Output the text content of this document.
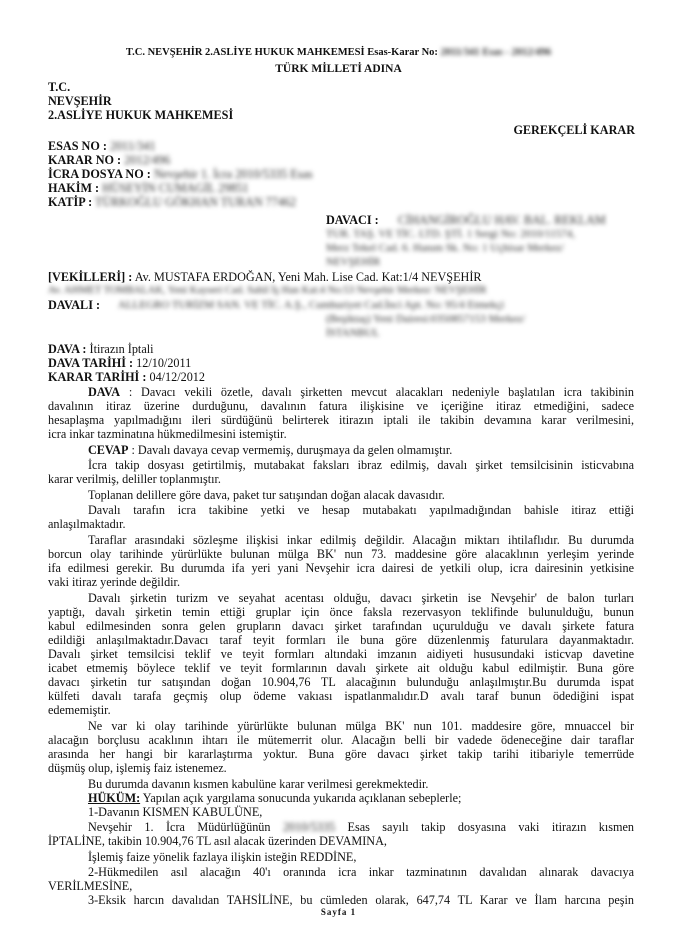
T.C. NEVŞEHİR 2.ASLİYE HUKUK MAHKEMESİ Esas-Karar No: 2011/341 Esas - 2012/496
TÜRK MİLLETİ ADINA
T.C.
NEVŞEHİR
2.ASLİYE HUKUK MAHKEMESİ
GEREKÇELİ KARAR
ESAS NO : 2011/341
KARAR NO : 2012/496
İCRA DOSYA NO : Nevşehir 1. İcra 2010/5335 Esas
HAKİM : HÜSEYİN CUMAGİL 29851
KATİP : TÜRKOĞLU GÖKHAN TURAN 77462
DAVACI : CİHANGİROĞLU HAV. BAL. REKLAM
TUR. TAŞ. VE TİC. LTD. ŞTİ. 1 Sergi No: 2010/11574,
Merz Tekel Cad. 6. Hanım Sk. No: 1 Uçhisar Merkez/
NEVŞEHİR
[VEKİLLERİ] : Av. MUSTAFA ERDOĞAN, Yeni Mah. Lise Cad. Kat:1/4 NEVŞEHİR
Av. AHMET TOMBALAK, Yeni Kayseri Cad. Sahil İş Han Kat:4 No:53 Nevşehir Merkez/ NEVŞEHİR
DAVALI : ALLEGRO TURİZM SAN. VE TİC. A.Ş., Cumhuriyet Cad.İnci Apt. No: 95/4 Etmekçi
(Beşiktaş) Yeni Dairesi:0350857153 Merkez/
İSTANBUL
DAVA : İtirazın İptali
DAVA TARİHİ : 12/10/2011
KARAR TARİHİ : 04/12/2012
DAVA : Davacı vekili özetle, davalı şirketten mevcut alacakları nedeniyle başlatılan icra takibinin
davalının itiraz üzerine durduğunu, davalının fatura ilişkisine ve içeriğine itiraz etmediğini, sadece
hesaplaşma yapılmadığını ileri sürdüğünü belirterek itirazın iptali ile takibin devamına karar verilmesini,
icra inkar tazminatına hükmedilmesini istemiştir.
CEVAP : Davalı davaya cevap vermemiş, duruşmaya da gelen olmamıştır.
İcra takip dosyası getirtilmiş, mutabakat faksları ibraz edilmiş, davalı şirket temsilcisinin isticvabına
karar verilmiş, deliller toplanmıştır.
Toplanan delillere göre dava, paket tur satışından doğan alacak davasıdır.
Davalı tarafın icra takibine yetki ve hesap mutabakatı yapılmadığından bahisle itiraz ettiği
anlaşılmaktadır.
Taraflar arasındaki sözleşme ilişkisi inkar edilmiş değildir. Alacağın miktarı ihtilaflıdır. Bu durumda
borcun olay tarihinde yürürlükte bulunan mülga BK' nun 73. maddesine göre alacaklının yerleşim yerinde
ifa edilmesi gerekir. Bu durumda ifa yeri yani Nevşehir icra dairesi de yetkili olup, icra dairesinin yetkisine
vaki itiraz yerinde değildir.
Davalı şirketin turizm ve seyahat acentası olduğu, davacı şirketin ise Nevşehir' de balon turları
yaptığı, davalı şirketin temin ettiği gruplar için önce faksla rezervasyon teklifinde bulunulduğu, bunun
kabul edilmesinden sonra gelen grupların davacı şirket tarafından uçurulduğu ve davalı şirkete fatura
edildiği anlaşılmaktadır.Davacı taraf teyit formları ile buna göre düzenlenmiş faturulara dayanmaktadır.
Davalı şirket temsilcisi teklif ve teyit formları altındaki imzanın aidiyeti hususundaki isticvap davetine
icabet etmemiş böylece teklif ve teyit formlarının davalı şirkete ait olduğu kabul edilmiştir. Buna göre
davacı şirketin tur satışından doğan 10.904,76 TL alacağının bulunduğu anlaşılmıştır.Bu durumda ispat
külfeti davalı tarafa geçmiş olup ödeme vakıası ispatlanmalıdır.D avalı taraf bunun ödediğini ispat
edememiştir.
Ne var ki olay tarihinde yürürlükte bulunan mülga BK' nun 101. maddesire göre, mnuaccel bir
alacağın borçlusu acaklının ihtarı ile mütemerrit olur. Alacağın belli bir vadede ödeneceğine dair taraflar
arasında her hangi bir kararlaştırma yoktur. Buna göre davacı şirket takip tarihi itibariyle temerrüde
düşmüş olup, işlemiş faiz istenemez.
Bu durumda davanın kısmen kabulüne karar verilmesi gerekmektedir.
HÜKÜM: Yapılan açık yargılama sonucunda yukarıda açıklanan sebeplerle;
1-Davanın KISMEN KABULÜNE,
Nevşehir 1. İcra Müdürlüğünün 2010/5335 Esas sayılı takip dosyasına vaki itirazın kısmen
İPTALİNE, takibin 10.904,76 TL asıl alacak üzerinden DEVAMINA,
İşlemiş faize yönelik fazlaya ilişkin isteğin REDDİNE,
2-Hükmedilen asıl alacağın 40'ı oranında icra inkar tazminatının davalıdan alınarak davacıya
VERİLMESİNE,
3-Eksik harcın davalıdan TAHSİLİNE, bu cümleden olarak, 647,74 TL Karar ve İlam harcına peşin
Sayfa 1
